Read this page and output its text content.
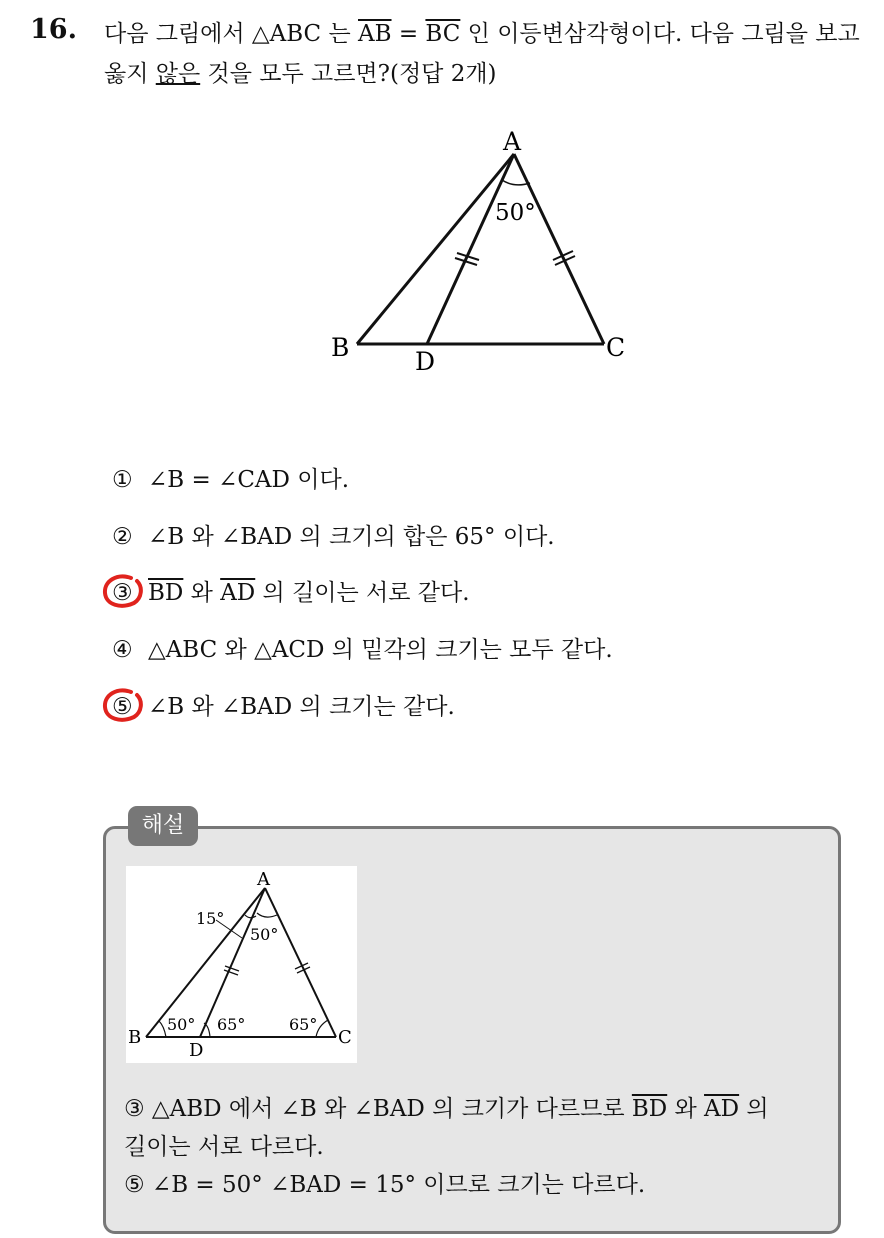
16. 다음 그림에서 △ABC 는 $\overline{AB} = \overline{BC}$ 인 이등변삼각형이다. 다음 그림을 보고 옳지 않은 것을 모두 고르면?(정답 2개)
A
B	C
D
50°
① ∠B = ∠CAD 이다.
② ∠B 와 ∠BAD 의 크기의 합은 65° 이다.
③ $\overline{BD}$ 와 $\overline{AD}$ 의 길이는 서로 같다.
④ △ABC 와 △ACD 의 밑각의 크기는 모두 같다.
⑤ ∠B 와 ∠BAD 의 크기는 같다.
해설
A
B	C
D
15°
50°
50° 65°	65°
③ △ABD 에서 ∠B 와 ∠BAD 의 크기가 다르므로 $\overline{BD}$ 와 $\overline{AD}$ 의
길이는 서로 다르다.
⑤ ∠B = 50° ∠BAD = 15° 이므로 크기는 다르다.
